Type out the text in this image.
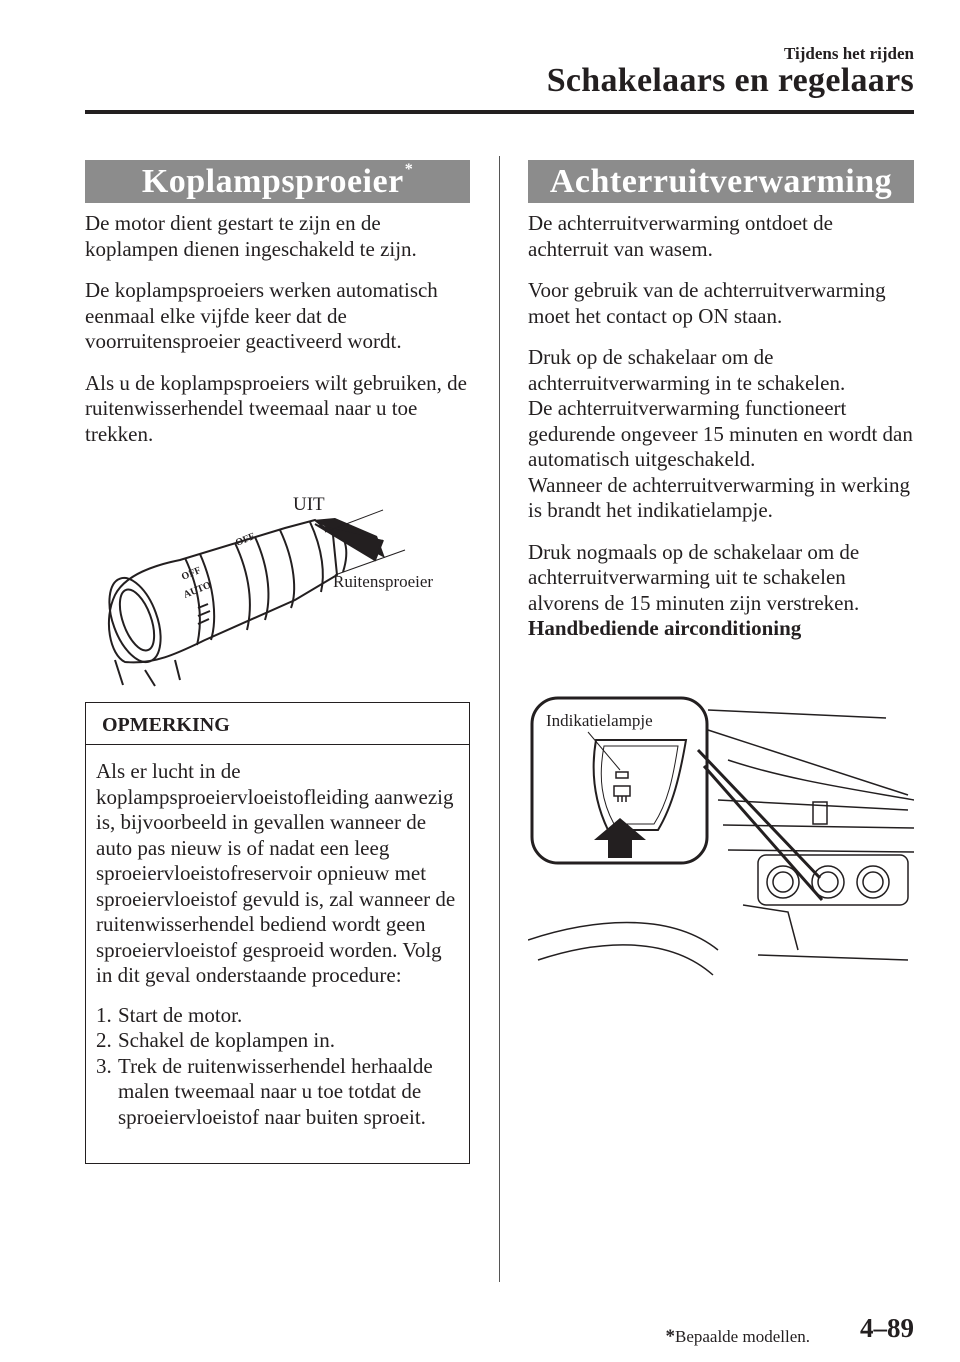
Tijdens het rijden
Schakelaars en regelaars
Koplampsproeier*

De motor dient gestart te zijn en de koplampen dienen ingeschakeld te zijn.

De koplampsproeiers werken automatisch eenmaal elke vijfde keer dat de voorruitensproeier geactiveerd wordt.

Als u de koplampsproeiers wilt gebruiken, de ruitenwisserhendel tweemaal naar u toe trekken.

OFF
OFF
AUTO
UIT
Ruitensproeier
OPMERKING
Als er lucht in de koplampsproeiervloeistofleiding aanwezig is, bijvoorbeeld in gevallen wanneer de auto pas nieuw is of nadat een leeg sproeiervloeistofreservoir opnieuw met sproeiervloeistof gevuld is, zal wanneer de ruitenwisserhendel bediend wordt geen sproeiervloeistof gesproeid worden. Volg in dit geval onderstaande procedure:
1. Start de motor.
2. Schakel de koplampen in.
3. Trek de ruitenwisserhendel herhaalde malen tweemaal naar u toe totdat de sproeiervloeistof naar buiten sproeit.
Achterruitverwarming

De achterruitverwarming ontdoet de achterruit van wasem.

Voor gebruik van de achterruitverwarming moet het contact op ON staan.

Druk op de schakelaar om de achterruitverwarming in te schakelen.

De achterruitverwarming functioneert gedurende ongeveer 15 minuten en wordt dan automatisch uitgeschakeld.

Wanneer de achterruitverwarming in werking is brandt het indikatielampje.

Druk nogmaals op de schakelaar om de achterruitverwarming uit te schakelen alvorens de 15 minuten zijn verstreken.

Handbediende airconditioning

Indikatielampje
*Bepaalde modellen. 4–89
